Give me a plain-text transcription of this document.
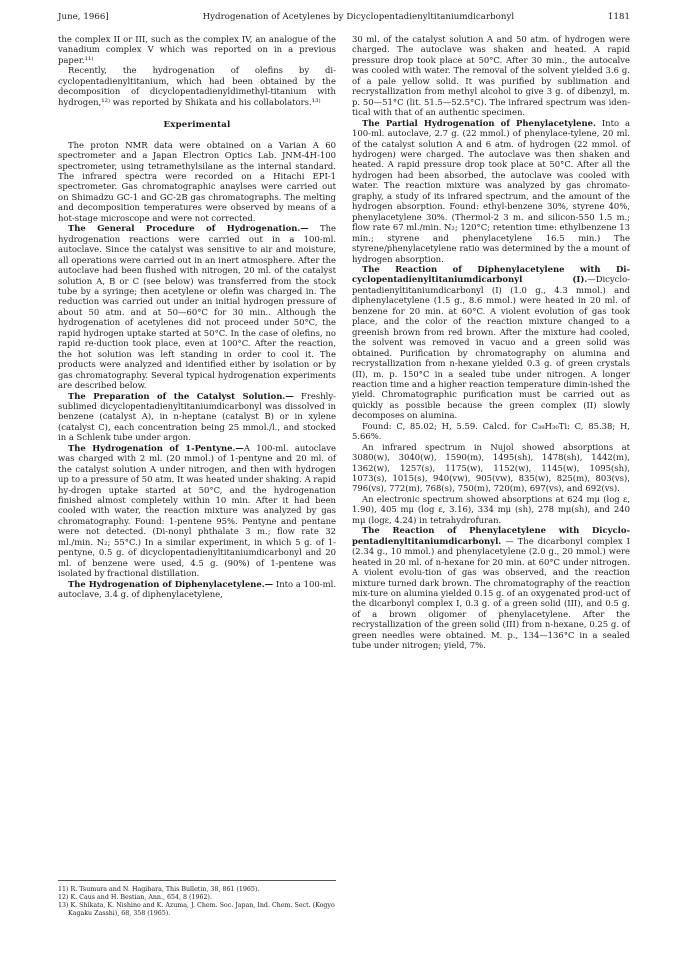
June, 1966]	Hydrogenation of Acetylenes by Dicyclopentadienyltitaniumdicarbonyl	1181

the complex II or III, such as the complex IV, an analogue of the vanadium complex V which was reported on in a previous paper.¹¹⁾

Recently, the hydrogenation of olefins by di-cyclopentadienyltitanium, which had been obtained by the decomposition of dicyclopentadienyldimethyl-titanium with hydrogen,¹²⁾ was reported by Shikata and his collabolators.¹³⁾

Experimental

The proton NMR data were obtained on a Varian A 60 spectrometer and a Japan Electron Optics Lab. JNM-4H-100 spectrometer, using tetramethylsilane as the internal standard. The infrared spectra were recorded on a Hitachi EPI-1 spectrometer. Gas chromatographic anaylses were carried out on Shimadzu GC-1 and GC-2B gas chromatographs. The melting and decomposition temperatures were observed by means of a hot-stage microscope and were not corrected.

The General Procedure of Hydrogenation.— The hydrogenation reactions were carried out in a 100-ml. autoclave. Since the catalyst was sensitive to air and moisture, all operations were carried out in an inert atmosphere. After the autoclave had been flushed with nitrogen, 20 ml. of the catalyst solution A, B or C (see below) was transferred from the stock tube by a syringe; then acetylene or olefin was charged in. The reduction was carried out under an initial hydrogen pressure of about 50 atm. and at 50—60°C for 30 min.. Although the hydrogenation of acetylenes did not proceed under 50°C, the rapid hydrogen uptake started at 50°C. In the case of olefins, no rapid re-duction took place, even at 100°C. After the reaction, the hot solution was left standing in order to cool it. The products were analyzed and identified either by isolation or by gas chromatography. Several typical hydrogenation experiments are described below.

The Preparation of the Catalyst Solution.— Freshly-sublimed dicyclopentadienyltitaniumdicarbonyl was dissolved in benzene (catalyst A), in n-heptane (catalyst B) or in xylene (catalyst C), each concentration being 25 mmol./l., and stocked in a Schlenk tube under argon.

The Hydrogenation of 1-Pentyne.—A 100-ml. autoclave was charged with 2 ml. (20 mmol.) of 1-pentyne and 20 ml. of the catalyst solution A under nitrogen, and then with hydrogen up to a pressure of 50 atm. It was heated under shaking. A rapid hy-drogen uptake started at 50°C, and the hydrogenation finished almost completely within 10 min. After it had been cooled with water, the reaction mixture was analyzed by gas chromatography. Found: 1-pentene 95%. Pentyne and pentane were not detected. (Di-nonyl phthalate 3 m.; flow rate 32 ml./min. N₂; 55°C.) In a similar experiment, in which 5 g. of 1-pentyne, 0.5 g. of dicyclopentadienyltitaniumdicarbonyl and 20 ml. of benzene were used, 4.5 g. (90%) of 1-pentene was isolated by fractional distillation.

The Hydrogenation of Diphenylacetylene.— Into a 100-ml. autoclave, 3.4 g. of diphenylacetylene,

11) R. Tsumura and N. Hagihara, This Bulletin, 38, 861 (1965).
12) K. Caus and H. Bestian, Ann., 654, 8 (1962).
13) K. Shikata, K. Nishino and K. Azuma, J. Chem. Soc. Japan, Ind. Chem. Sect. (Kogyo Kagaku Zasshi), 68, 358 (1965).

30 ml. of the catalyst solution A and 50 atm. of hydrogen were charged. The autoclave was shaken and heated. A rapid pressure drop took place at 50°C. After 30 min., the autocalve was cooled with water. The removal of the solvent yielded 3.6 g. of a pale yellow solid. It was purified by sublimation and recrystallization from methyl alcohol to give 3 g. of dibenzyl, m. p. 50—51°C (lit. 51.5—52.5°C). The infrared spectrum was iden-tical with that of an authentic specimen.

The Partial Hydrogenation of Phenylacetylene. Into a 100-ml. autoclave, 2.7 g. (22 mmol.) of phenylace-tylene, 20 ml. of the catalyst solution A and 6 atm. of hydrogen (22 mmol. of hydrogen) were charged. The autoclave was then shaken and heated. A rapid pressure drop took place at 50°C. After all the hydrogen had been absorbed, the autoclave was cooled with water. The reaction mixture was analyzed by gas chromato-graphy, a study of its infrared spectrum, and the amount of the hydrogen absorption. Found: ethyl-benzene 30%, styrene 40%, phenylacetylene 30%. (Thermol-2 3 m. and silicon-550 1.5 m.; flow rate 67 ml./min. N₂; 120°C; retention time: ethylbenzene 13 min.; styrene and phenylacetylene 16.5 min.) The styrene/phenylacetylene ratio was determined by the a mount of hydrogen absorption.

The Reaction of Diphenylacetylene with Di-cyclopentadienyltitaniumdicarbonyl (I).—Dicyclo-pentadienyltitaniumdicarbonyl (I) (1.0 g., 4.3 mmol.) and diphenylacetylene (1.5 g., 8.6 mmol.) were heated in 20 ml. of benzene for 20 min. at 60°C. A violent evolution of gas took place, and the color of the reaction mixture changed to a greenish brown from red brown. After the mixture had cooled, the solvent was removed in vacuo and a green solid was obtained. Purification by chromatography on alumina and recrystallization from n-hexane yielded 0.3 g. of green crystals (II), m. p. 150°C in a sealed tube under nitrogen. A longer reaction time and a higher reaction temperature dimin-ished the yield. Chromatographic purification must be carried out as quickly as possible because the green complex (II) slowly decomposes on alumina.

Found: C, 85.02; H, 5.59. Calcd. for C₃₈H₃₀Ti: C, 85.38; H, 5.66%.

An infrared spectrum in Nujol showed absorptions at 3080(w), 3040(w), 1590(m), 1495(sh), 1478(sh), 1442(m), 1362(w), 1257(s), 1175(w), 1152(w), 1145(w), 1095(sh), 1073(s), 1015(s), 940(vw), 905(vw), 835(w), 825(m), 803(vs), 796(vs), 772(m), 768(s), 750(m), 720(m), 697(vs), and 692(vs).

An electronic spectrum showed absorptions at 624 mμ (log ε, 1.90), 405 mμ (log ε, 3.16), 334 mμ (sh), 278 mμ(sh), and 240 mμ (logε, 4.24) in tetrahydrofuran.

The Reaction of Phenylacetylene with Dicyclo-pentadienyltitaniumdicarbonyl. — The dicarbonyl complex I (2.34 g., 10 mmol.) and phenylacetylene (2.0 g., 20 mmol.) were heated in 20 ml. of n-hexane for 20 min. at 60°C under nitrogen. A violent evolu-tion of gas was observed, and the reaction mixture turned dark brown. The chromatography of the reaction mix-ture on alumina yielded 0.15 g. of an oxygenated prod-uct of the dicarbonyl complex I, 0.3 g. of a green solid (III), and 0.5 g. of a brown oligomer of phenylacetylene. After the recrystallization of the green solid (III) from n-hexane, 0.25 g. of green needles were obtained. M. p., 134—136°C in a sealed tube under nitrogen; yield, 7%.
